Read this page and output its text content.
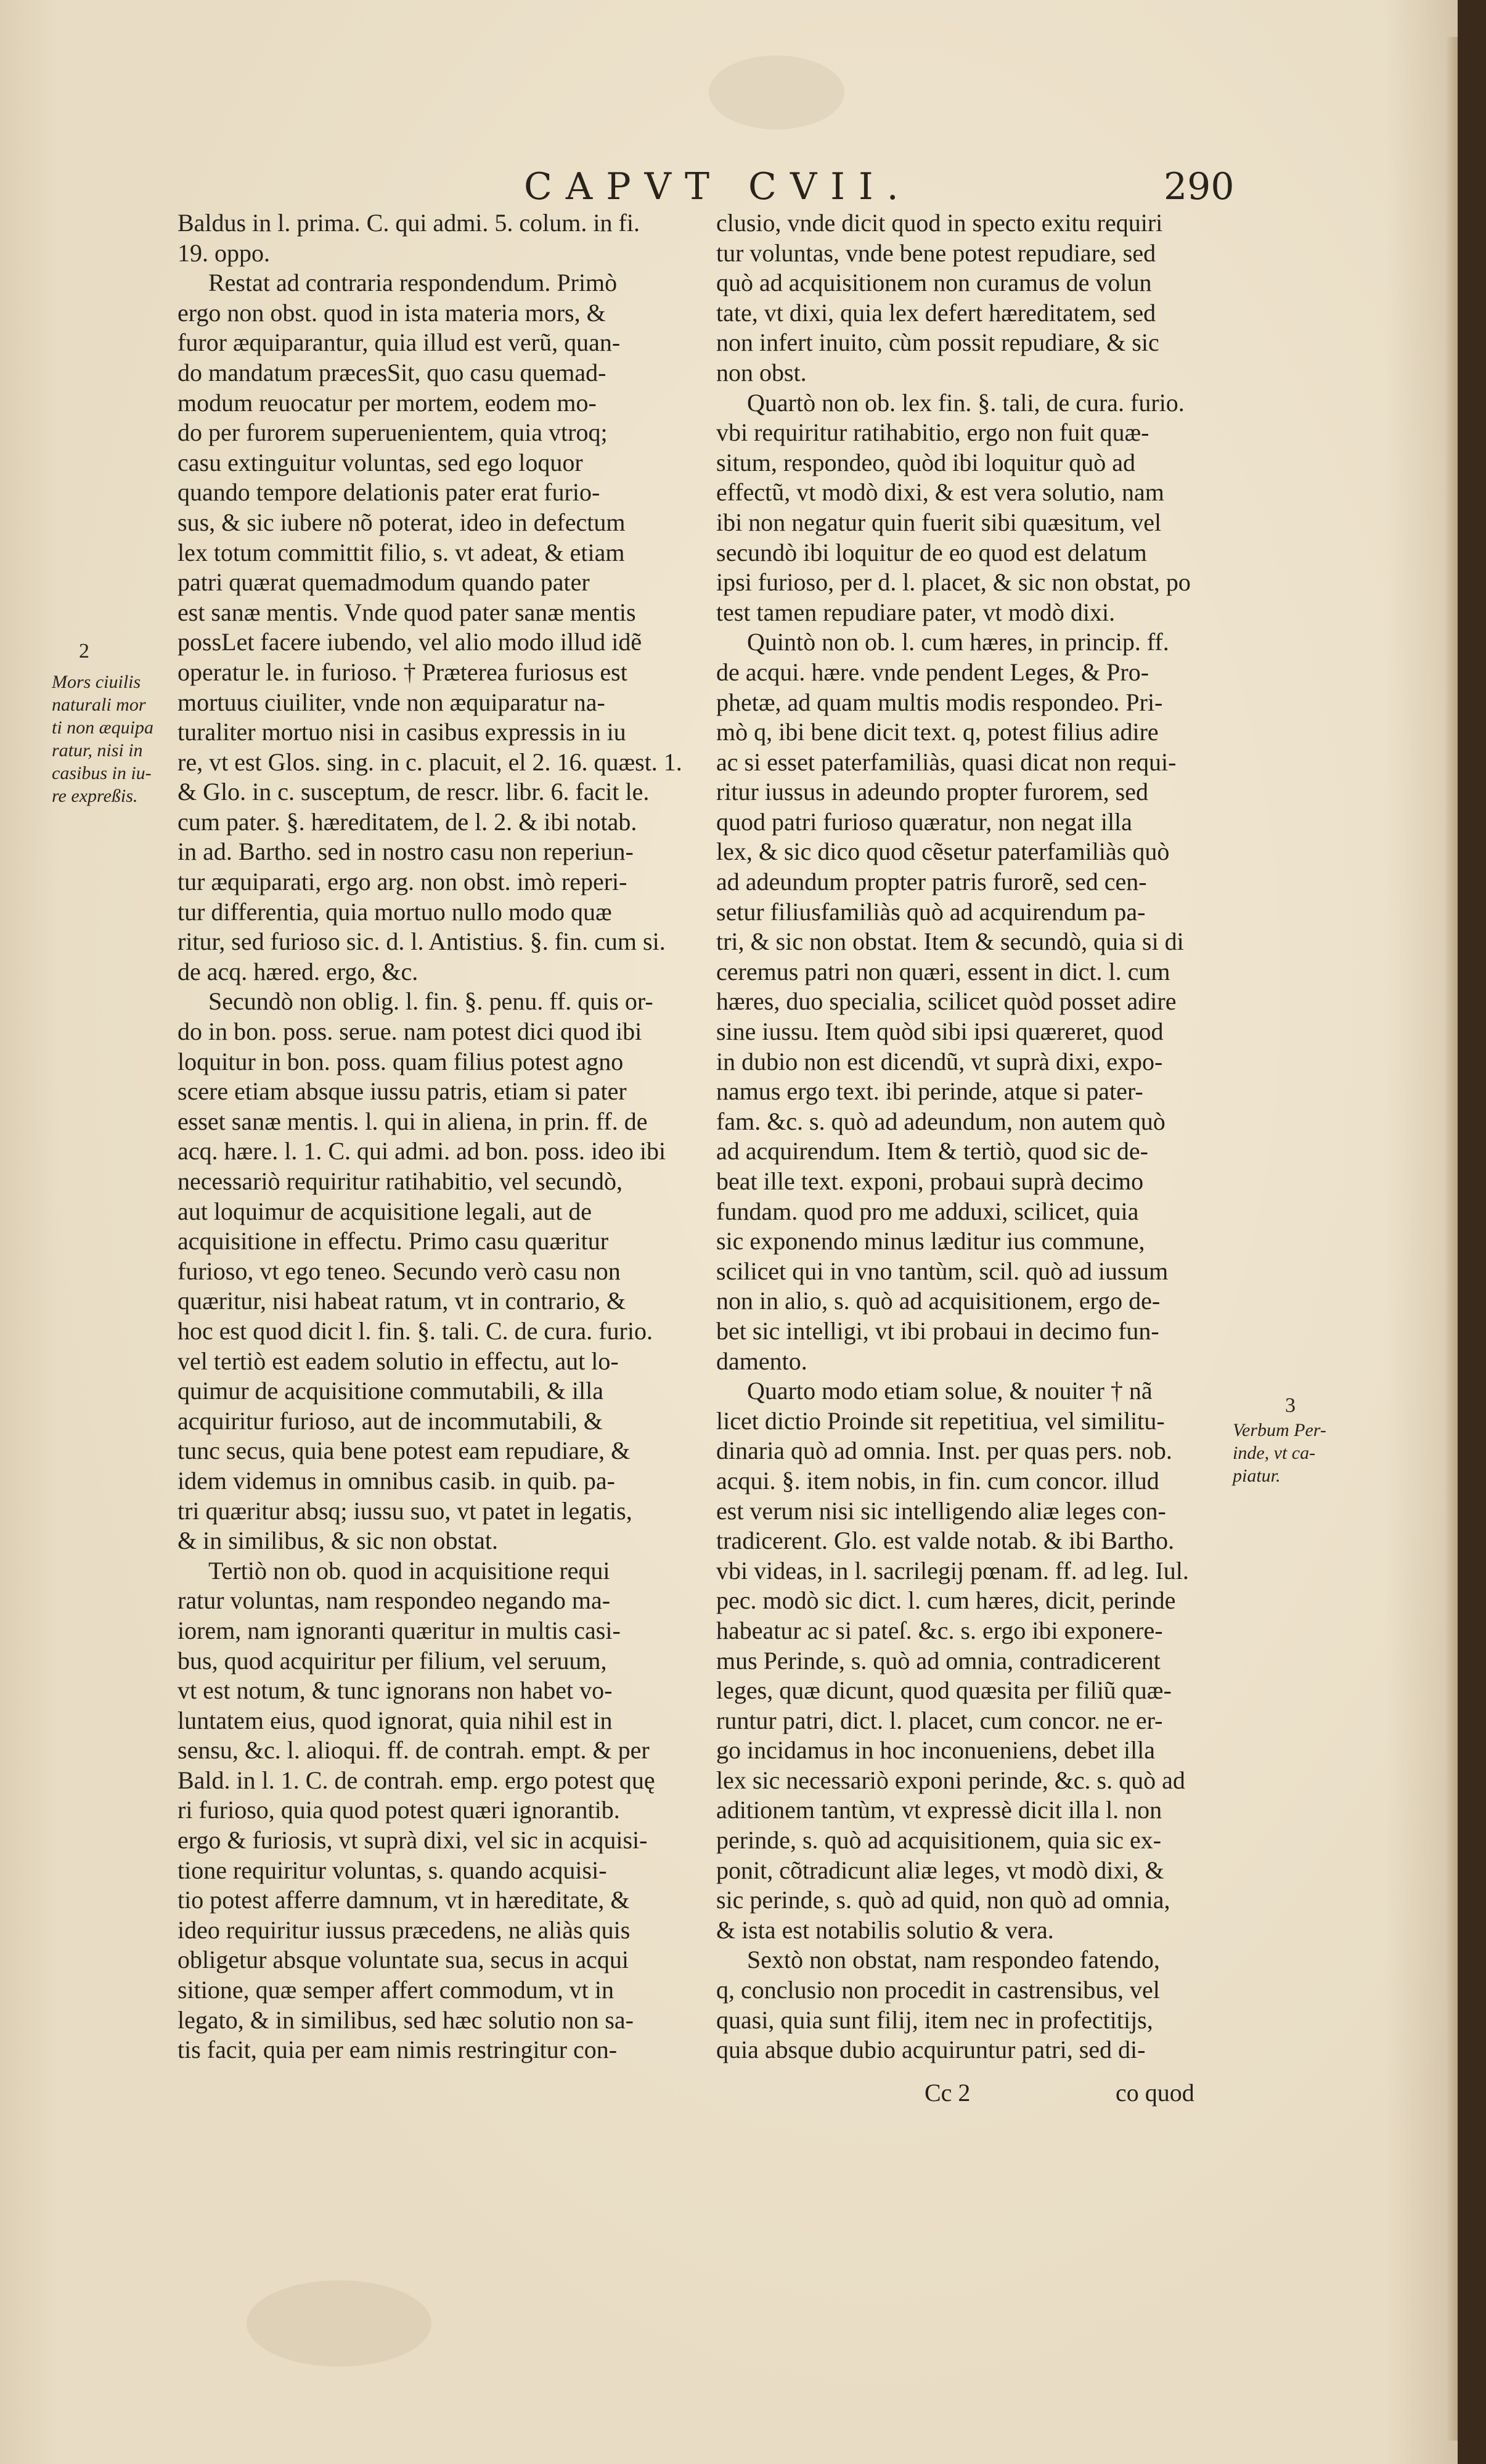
CAPVT CVII.	290
Baldus in l. prima. C. qui admi. 5. colum. in fi.
19. oppo.
Restat ad contraria respondendum. Primò
ergo non obst. quod in ista materia mors, &
furor æquiparantur, quia illud est verũ, quan-
do mandatum præcesSit, quo casu quemad-
modum reuocatur per mortem, eodem mo-
do per furorem superuenientem, quia vtroq;
casu extinguitur voluntas, sed ego loquor
quando tempore delationis pater erat furio-
sus, & sic iubere nõ poterat, ideo in defectum
lex totum committit filio, s. vt adeat, & etiam
patri quærat quemadmodum quando pater
est sanæ mentis. Vnde quod pater sanæ mentis
possLet facere iubendo, vel alio modo illud idẽ
operatur le. in furioso. † Præterea furiosus est
mortuus ciuiliter, vnde non æquiparatur na-
turaliter mortuo nisi in casibus expressis in iu
re, vt est Glos. sing. in c. placuit, el 2. 16. quæst. 1.
& Glo. in c. susceptum, de rescr. libr. 6. facit le.
cum pater. §. hæreditatem, de l. 2. & ibi notab.
in ad. Bartho. sed in nostro casu non reperiun-
tur æquiparati, ergo arg. non obst. imò reperi-
tur differentia, quia mortuo nullo modo quæ
ritur, sed furioso sic. d. l. Antistius. §. fin. cum si.
de acq. hæred. ergo, &c.
Secundò non oblig. l. fin. §. penu. ff. quis or-
do in bon. poss. serue. nam potest dici quod ibi
loquitur in bon. poss. quam filius potest agno
scere etiam absque iussu patris, etiam si pater
esset sanæ mentis. l. qui in aliena, in prin. ff. de
acq. hære. l. 1. C. qui admi. ad bon. poss. ideo ibi
necessariò requiritur ratihabitio, vel secundò,
aut loquimur de acquisitione legali, aut de
acquisitione in effectu. Primo casu quæritur
furioso, vt ego teneo. Secundo verò casu non
quæritur, nisi habeat ratum, vt in contrario, &
hoc est quod dicit l. fin. §. tali. C. de cura. furio.
vel tertiò est eadem solutio in effectu, aut lo-
quimur de acquisitione commutabili, & illa
acquiritur furioso, aut de incommutabili, &
tunc secus, quia bene potest eam repudiare, &
idem videmus in omnibus casib. in quib. pa-
tri quæritur absq; iussu suo, vt patet in legatis,
& in similibus, & sic non obstat.
Tertiò non ob. quod in acquisitione requi
ratur voluntas, nam respondeo negando ma-
iorem, nam ignoranti quæritur in multis casi-
bus, quod acquiritur per filium, vel seruum,
vt est notum, & tunc ignorans non habet vo-
luntatem eius, quod ignorat, quia nihil est in
sensu, &c. l. alioqui. ff. de contrah. empt. & per
Bald. in l. 1. C. de contrah. emp. ergo potest quę
ri furioso, quia quod potest quæri ignorantib.
ergo & furiosis, vt suprà dixi, vel sic in acquisi-
tione requiritur voluntas, s. quando acquisi-
tio potest afferre damnum, vt in hæreditate, &
ideo requiritur iussus præcedens, ne aliàs quis
obligetur absque voluntate sua, secus in acqui
sitione, quæ semper affert commodum, vt in
legato, & in similibus, sed hæc solutio non sa-
tis facit, quia per eam nimis restringitur con-
clusio, vnde dicit quod in specto exitu requiri
tur voluntas, vnde bene potest repudiare, sed
quò ad acquisitionem non curamus de volun
tate, vt dixi, quia lex defert hæreditatem, sed
non infert inuito, cùm possit repudiare, & sic
non obst.
Quartò non ob. lex fin. §. tali, de cura. furio.
vbi requiritur ratihabitio, ergo non fuit quæ-
situm, respondeo, quòd ibi loquitur quò ad
effectũ, vt modò dixi, & est vera solutio, nam
ibi non negatur quin fuerit sibi quæsitum, vel
secundò ibi loquitur de eo quod est delatum
ipsi furioso, per d. l. placet, & sic non obstat, po
test tamen repudiare pater, vt modò dixi.
Quintò non ob. l. cum hæres, in princip. ff.
de acqui. hære. vnde pendent Leges, & Pro-
phetæ, ad quam multis modis respondeo. Pri-
mò q, ibi bene dicit text. q, potest filius adire
ac si esset paterfamiliàs, quasi dicat non requi-
ritur iussus in adeundo propter furorem, sed
quod patri furioso quæratur, non negat illa
lex, & sic dico quod cẽsetur paterfamiliàs quò
ad adeundum propter patris furorẽ, sed cen-
setur filiusfamiliàs quò ad acquirendum pa-
tri, & sic non obstat. Item & secundò, quia si di
ceremus patri non quæri, essent in dict. l. cum
hæres, duo specialia, scilicet quòd posset adire
sine iussu. Item quòd sibi ipsi quæreret, quod
in dubio non est dicendũ, vt suprà dixi, expo-
namus ergo text. ibi perinde, atque si pater-
fam. &c. s. quò ad adeundum, non autem quò
ad acquirendum. Item & tertiò, quod sic de-
beat ille text. exponi, probaui suprà decimo
fundam. quod pro me adduxi, scilicet, quia
sic exponendo minus læditur ius commune,
scilicet qui in vno tantùm, scil. quò ad iussum
non in alio, s. quò ad acquisitionem, ergo de-
bet sic intelligi, vt ibi probaui in decimo fun-
damento.
Quarto modo etiam solue, & nouiter † nã
licet dictio Proinde sit repetitiua, vel similitu-
dinaria quò ad omnia. Inst. per quas pers. nob.
acqui. §. item nobis, in fin. cum concor. illud
est verum nisi sic intelligendo aliæ leges con-
tradicerent. Glo. est valde notab. & ibi Bartho.
vbi videas, in l. sacrilegij pœnam. ff. ad leg. Iul.
pec. modò sic dict. l. cum hæres, dicit, perinde
habeatur ac si pateſ. &c. s. ergo ibi exponere-
mus Perinde, s. quò ad omnia, contradicerent
leges, quæ dicunt, quod quæsita per filiũ quæ-
runtur patri, dict. l. placet, cum concor. ne er-
go incidamus in hoc inconueniens, debet illa
lex sic necessariò exponi perinde, &c. s. quò ad
aditionem tantùm, vt expressè dicit illa l. non
perinde, s. quò ad acquisitionem, quia sic ex-
ponit, cõtradicunt aliæ leges, vt modò dixi, &
sic perinde, s. quò ad quid, non quò ad omnia,
& ista est notabilis solutio & vera.
Sextò non obstat, nam respondeo fatendo,
q, conclusio non procedit in castrensibus, vel
quasi, quia sunt filij, item nec in profectitijs,
quia absque dubio acquiruntur patri, sed di-
2
Mors ciuilis
naturali mor
ti non æquipa
ratur, nisi in
casibus in iu-
re expreßis.
3
Verbum Per-
inde, vt ca-
piatur.
Cc 2	co quod
